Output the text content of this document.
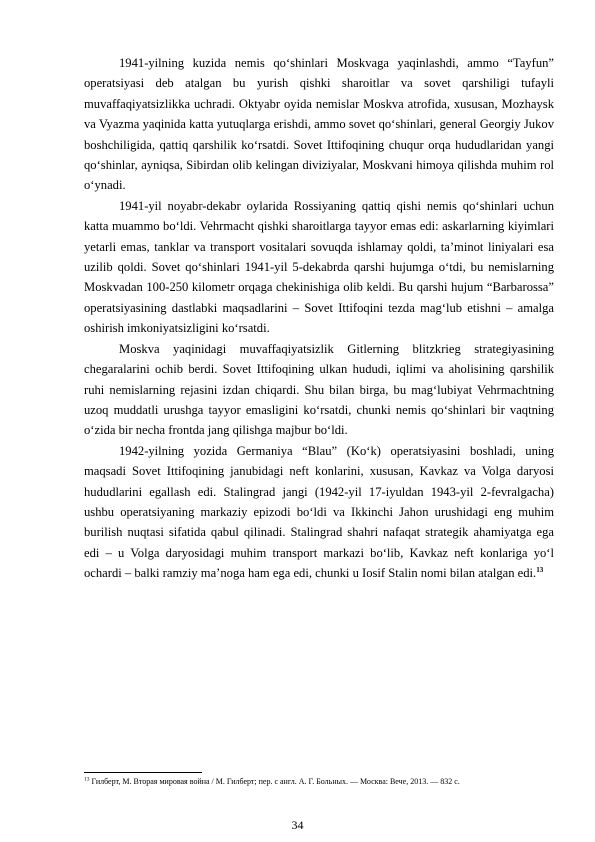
1941-yilning kuzida nemis qo‘shinlari Moskvaga yaqinlashdi, ammo “Tayfun” operatsiyasi deb atalgan bu yurish qishki sharoitlar va sovet qarshiligi tufayli muvaffaqiyatsizlikka uchradi. Oktyabr oyida nemislar Moskva atrofida, xususan, Mozhaysk va Vyazma yaqinida katta yutuqlarga erishdi, ammo sovet qo‘shinlari, general Georgiy Jukov boshchiligida, qattiq qarshilik ko‘rsatdi. Sovet Ittifoqining chuqur orqa hududlaridan yangi qo‘shinlar, ayniqsa, Sibirdan olib kelingan diviziyalar, Moskvani himoya qilishda muhim rol o‘ynadi.

1941-yil noyabr-dekabr oylarida Rossiyaning qattiq qishi nemis qo‘shinlari uchun katta muammo bo‘ldi. Vehrmacht qishki sharoitlarga tayyor emas edi: askarlarning kiyimlari yetarli emas, tanklar va transport vositalari sovuqda ishlamay qoldi, ta’minot liniyalari esa uzilib qoldi. Sovet qo‘shinlari 1941-yil 5-dekabrda qarshi hujumga o‘tdi, bu nemislarning Moskvadan 100-250 kilometr orqaga chekinishiga olib keldi. Bu qarshi hujum “Barbarossa” operatsiyasining dastlabki maqsadlarini – Sovet Ittifoqini tezda mag‘lub etishni – amalga oshirish imkoniyatsizligini ko‘rsatdi.

Moskva yaqinidagi muvaffaqiyatsizlik Gitlerning blitzkrieg strategiyasining chegaralarini ochib berdi. Sovet Ittifoqining ulkan hududi, iqlimi va aholisining qarshilik ruhi nemislarning rejasini izdan chiqardi. Shu bilan birga, bu mag‘lubiyat Vehrmachtning uzoq muddatli urushga tayyor emasligini ko‘rsatdi, chunki nemis qo‘shinlari bir vaqtning o‘zida bir necha frontda jang qilishga majbur bo‘ldi.

1942-yilning yozida Germaniya “Blau” (Ko‘k) operatsiyasini boshladi, uning maqsadi Sovet Ittifoqining janubidagi neft konlarini, xususan, Kavkaz va Volga daryosi hududlarini egallash edi. Stalingrad jangi (1942-yil 17-iyuldan 1943-yil 2-fevralgacha) ushbu operatsiyaning markaziy epizodi bo‘ldi va Ikkinchi Jahon urushidagi eng muhim burilish nuqtasi sifatida qabul qilinadi. Stalingrad shahri nafaqat strategik ahamiyatga ega edi – u Volga daryosidagi muhim transport markazi bo‘lib, Kavkaz neft konlariga yo‘l ochardi – balki ramziy ma’noga ham ega edi, chunki u Iosif Stalin nomi bilan atalgan edi.$^{13}$

$^{13}$ Гилберт, М. Вторая мировая война / М. Гилберт; пер. с англ. А. Г. Больных. — Москва: Вече, 2013. — 832 с.
34
